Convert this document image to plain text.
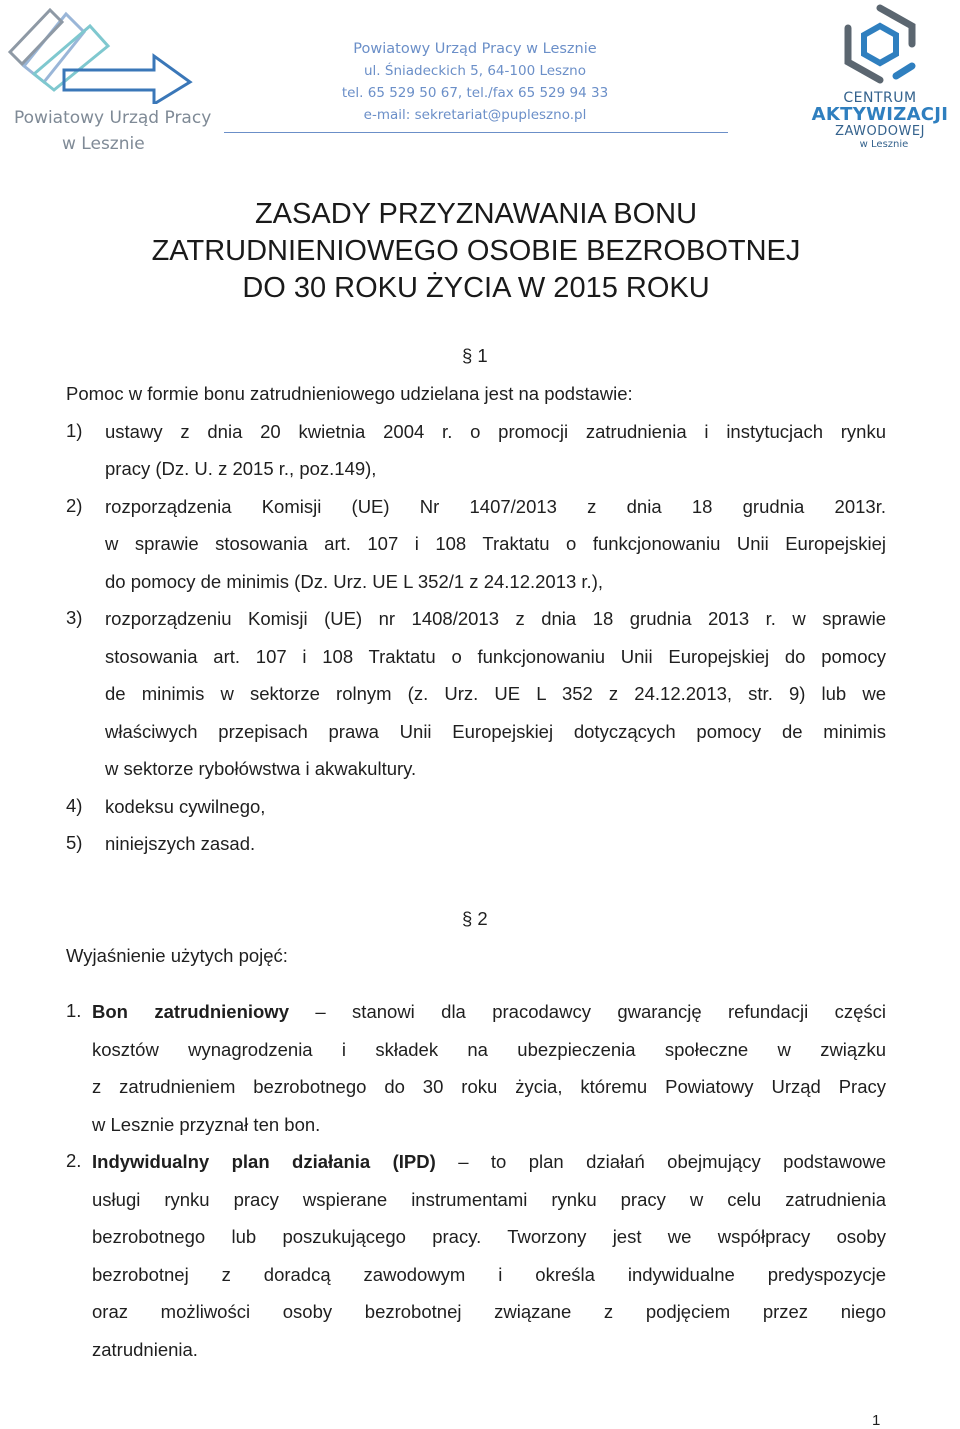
Powiatowy Urząd Pracy
w Lesznie
Powiatowy Urząd Pracy w Lesznie
ul. Śniadeckich 5, 64-100 Leszno
tel. 65 529 50 67, tel./fax 65 529 94 33
e-mail: sekretariat@pupleszno.pl
CENTRUM
AKTYWIZACJI
ZAWODOWEJ
w Lesznie
ZASADY PRZYZNAWANIA BONU
ZATRUDNIENIOWEGO OSOBIE BEZROBOTNEJ
DO 30 ROKU ŻYCIA W 2015 ROKU
§ 1
Pomoc w formie bonu zatrudnieniowego udzielana jest na podstawie:
1) ustawy z dnia 20 kwietnia 2004 r. o promocji zatrudnienia i instytucjach rynku
pracy (Dz. U. z 2015 r., poz.149),
2) rozporządzenia Komisji (UE) Nr 1407/2013 z dnia 18 grudnia 2013r.
w sprawie stosowania art. 107 i 108 Traktatu o funkcjonowaniu Unii Europejskiej
do pomocy de minimis (Dz. Urz. UE L 352/1 z 24.12.2013 r.),
3) rozporządzeniu Komisji (UE) nr 1408/2013 z dnia 18 grudnia 2013 r. w sprawie
stosowania art. 107 i 108 Traktatu o funkcjonowaniu Unii Europejskiej do pomocy
de minimis w sektorze rolnym (z. Urz. UE L 352 z 24.12.2013, str. 9) lub we
właściwych przepisach prawa Unii Europejskiej dotyczących pomocy de minimis
w sektorze rybołówstwa i akwakultury.
4) kodeksu cywilnego,
5) niniejszych zasad.
§ 2
Wyjaśnienie użytych pojęć:
1. Bon zatrudnieniowy – stanowi dla pracodawcy gwarancję refundacji części
kosztów wynagrodzenia i składek na ubezpieczenia społeczne w związku
z zatrudnieniem bezrobotnego do 30 roku życia, któremu Powiatowy Urząd Pracy
w Lesznie przyznał ten bon.
2. Indywidualny plan działania (IPD) – to plan działań obejmujący podstawowe
usługi rynku pracy wspierane instrumentami rynku pracy w celu zatrudnienia
bezrobotnego lub poszukującego pracy. Tworzony jest we współpracy osoby
bezrobotnej z doradcą zawodowym i określa indywidualne predyspozycje
oraz możliwości osoby bezrobotnej związane z podjęciem przez niego
zatrudnienia.
1
